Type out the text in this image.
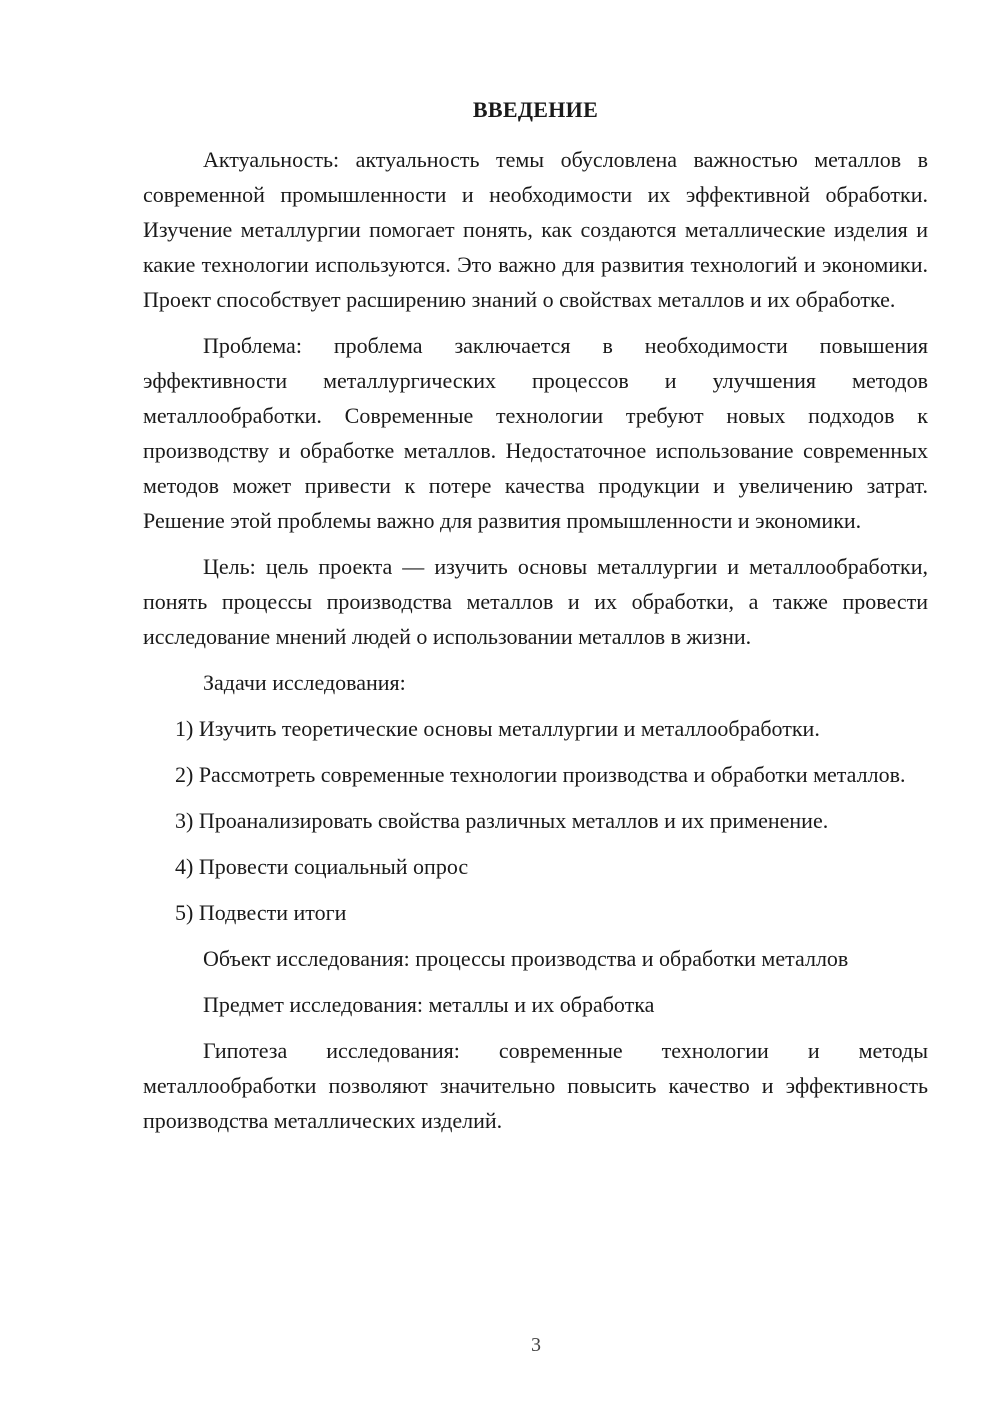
ВВЕДЕНИЕ

Актуальность: актуальность темы обусловлена важностью металлов в современной промышленности и необходимости их эффективной обработки. Изучение металлургии помогает понять, как создаются металлические изделия и какие технологии используются. Это важно для развития технологий и экономики. Проект способствует расширению знаний о свойствах металлов и их обработке.

Проблема: проблема заключается в необходимости повышения эффективности металлургических процессов и улучшения методов металлообработки. Современные технологии требуют новых подходов к производству и обработке металлов. Недостаточное использование современных методов может привести к потере качества продукции и увеличению затрат. Решение этой проблемы важно для развития промышленности и экономики.

Цель: цель проекта — изучить основы металлургии и металлообработки, понять процессы производства металлов и их обработки, а также провести исследование мнений людей о использовании металлов в жизни.

Задачи исследования:

1) Изучить теоретические основы металлургии и металлообработки.

2) Рассмотреть современные технологии производства и обработки металлов.

3) Проанализировать свойства различных металлов и их применение.

4) Провести социальный опрос

5) Подвести итоги

Объект исследования: процессы производства и обработки металлов

Предмет исследования: металлы и их обработка

Гипотеза исследования: современные технологии и методы металлообработки позволяют значительно повысить качество и эффективность производства металлических изделий.

3
